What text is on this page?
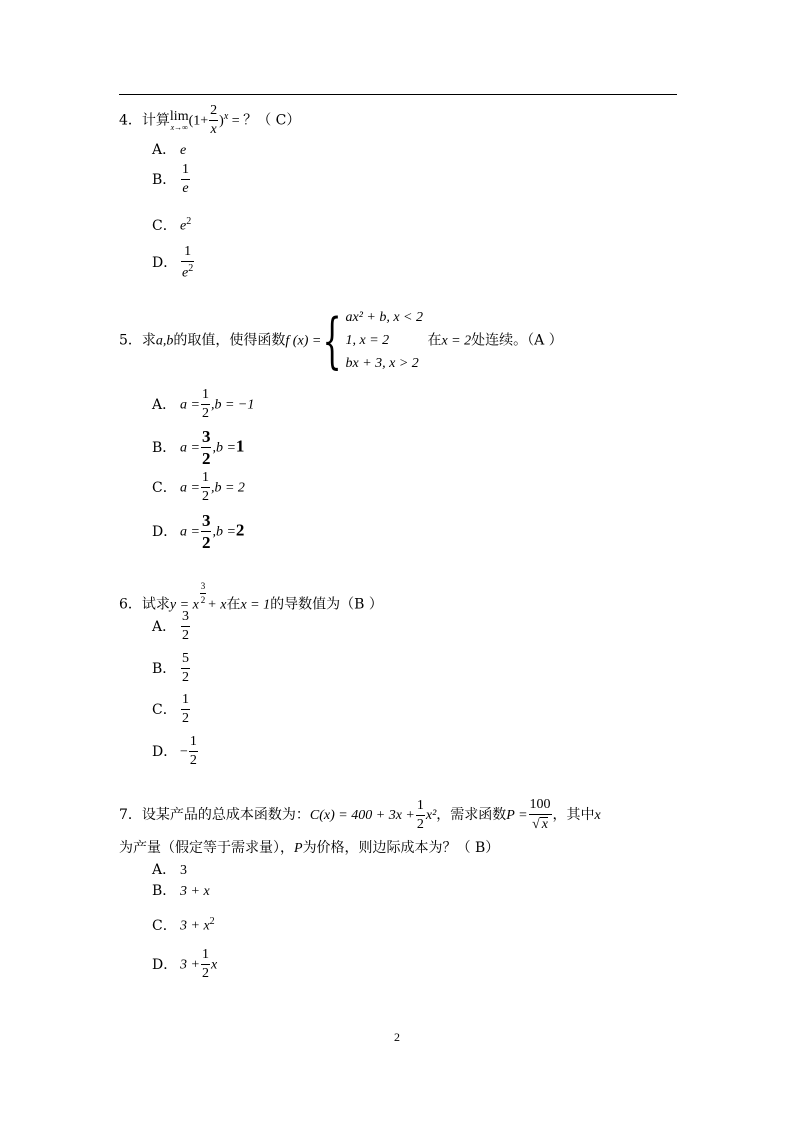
4．计算lim
x→∞ $(1+ \frac{2}{x} )^x$ = ？（ C）
A． e
B． $\frac{1}{e}$
C． $e^2$
D． $\frac{1}{e^2}$
5．求a,b的取值，使得函数f (x) ={ ax² + b, x < 2
1, x = 2
bx + 3, x > 2
在x = 2处连续。（A ）
A． $a = \frac{1}{2} ,b = -1$
B． $a = \frac{3}{2} ,b =1$
C． $a = \frac{1}{2} ,b = 2$
D． $a = \frac{3}{2} ,b =2$
6．试求y = x
$\frac{3}{2}$
+ x在x = 1的导数值为（B ）
A． $\frac{3}{2}$
B． $\frac{5}{2}$
C． $\frac{1}{2}$
D． − $\frac{1}{2}$
7．设某产品的总成本函数为：$C(x) = 400 + 3x + \frac{1}{2} x^2$，需求函数$P = \frac{100}{√ x}$ ，其中x
为产量（假定等于需求量），P为价格，则边际成本为？（ B）
A． 3
B． 3 + x
C． $3 + x^2$
D． $3 + \frac{1}{2}$ x
2
